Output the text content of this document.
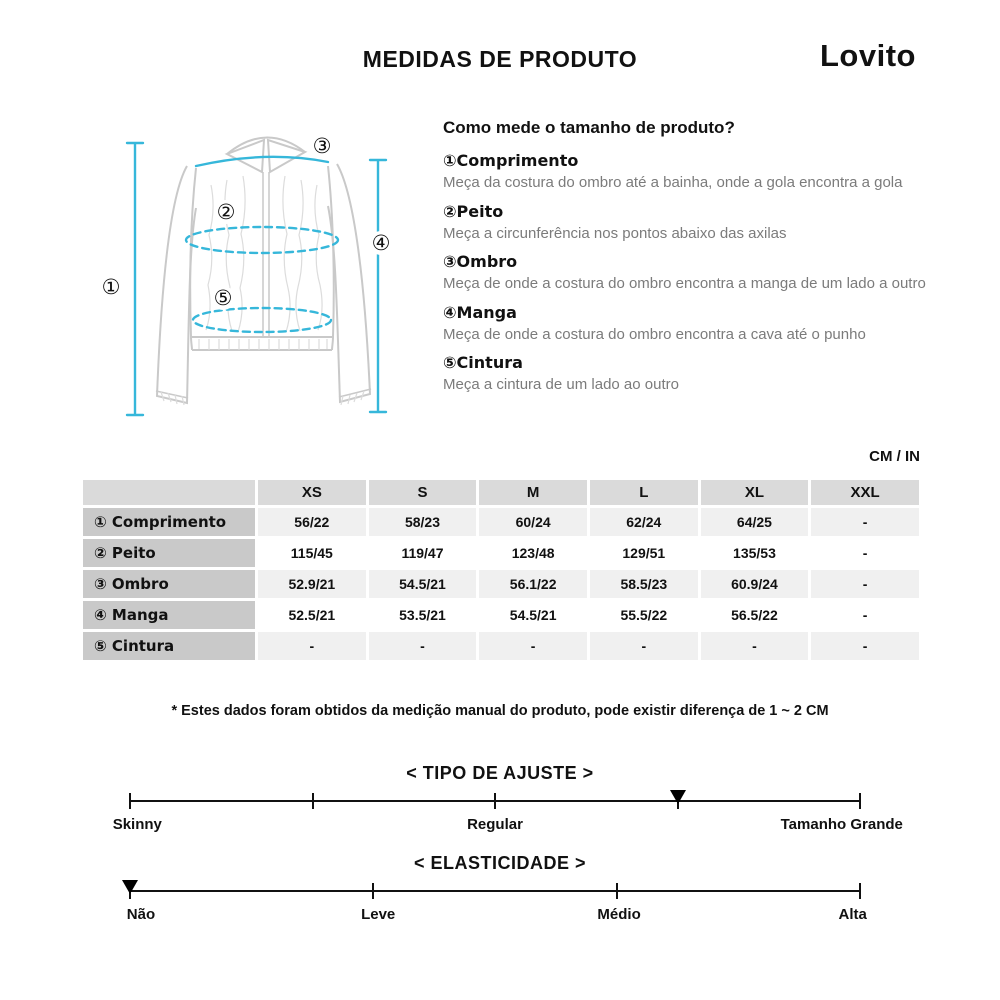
MEDIDAS DE PRODUTO	Lovito
①
②
③
④
⑤
Como mede o tamanho de produto?
①Comprimento
Meça da costura do ombro até a bainha, onde a gola encontra a gola
②Peito
Meça a circunferência nos pontos abaixo das axilas
③Ombro
Meça de onde a costura do ombro encontra a manga de um lado a outro
④Manga
Meça de onde a costura do ombro encontra a cava até o punho
⑤Cintura
Meça a cintura de um lado ao outro
CM / IN
	XS	S	M	L	XL	XXL
① Comprimento	56/22	58/23	60/24	62/24	64/25	-
② Peito	115/45	119/47	123/48	129/51	135/53	-
③ Ombro	52.9/21	54.5/21	56.1/22	58.5/23	60.9/24	-
④ Manga	52.5/21	53.5/21	54.5/21	55.5/22	56.5/22	-
⑤ Cintura	-	-	-	-	-	-
* Estes dados foram obtidos da medição manual do produto, pode existir diferença de 1 ~ 2 CM
< TIPO DE AJUSTE >
Skinny	Regular	Tamanho Grande
< ELASTICIDADE >
Não	Leve	Médio	Alta
